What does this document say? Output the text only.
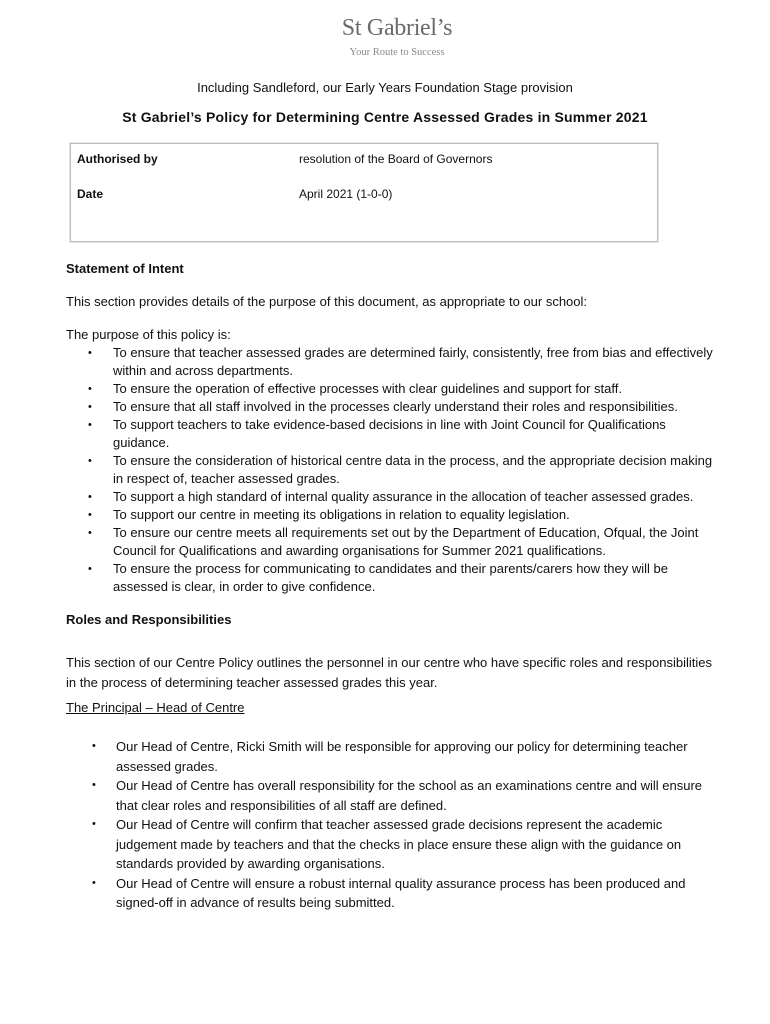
St Gabriel’s
Your Route to Success
Including Sandleford, our Early Years Foundation Stage provision
St Gabriel’s Policy for Determining Centre Assessed Grades in Summer 2021
Authorised by	resolution of the Board of Governors
Date	April 2021 (1-0-0)

Statement of Intent

This section provides details of the purpose of this document, as appropriate to our school:

The purpose of this policy is:

• To ensure that teacher assessed grades are determined fairly, consistently, free from bias and effectively within and across departments.
• To ensure the operation of effective processes with clear guidelines and support for staff.
• To ensure that all staff involved in the processes clearly understand their roles and responsibilities.
• To support teachers to take evidence-based decisions in line with Joint Council for Qualifications guidance.
• To ensure the consideration of historical centre data in the process, and the appropriate decision making in respect of, teacher assessed grades.
• To support a high standard of internal quality assurance in the allocation of teacher assessed grades.
• To support our centre in meeting its obligations in relation to equality legislation.
• To ensure our centre meets all requirements set out by the Department of Education, Ofqual, the Joint Council for Qualifications and awarding organisations for Summer 2021 qualifications.
• To ensure the process for communicating to candidates and their parents/carers how they will be assessed is clear, in order to give confidence.

Roles and Responsibilities

This section of our Centre Policy outlines the personnel in our centre who have specific roles and responsibilities in the process of determining teacher assessed grades this year.

The Principal – Head of Centre

• Our Head of Centre, Ricki Smith will be responsible for approving our policy for determining teacher assessed grades.
• Our Head of Centre has overall responsibility for the school as an examinations centre and will ensure that clear roles and responsibilities of all staff are defined.
• Our Head of Centre will confirm that teacher assessed grade decisions represent the academic judgement made by teachers and that the checks in place ensure these align with the guidance on standards provided by awarding organisations.
• Our Head of Centre will ensure a robust internal quality assurance process has been produced and signed-off in advance of results being submitted.
